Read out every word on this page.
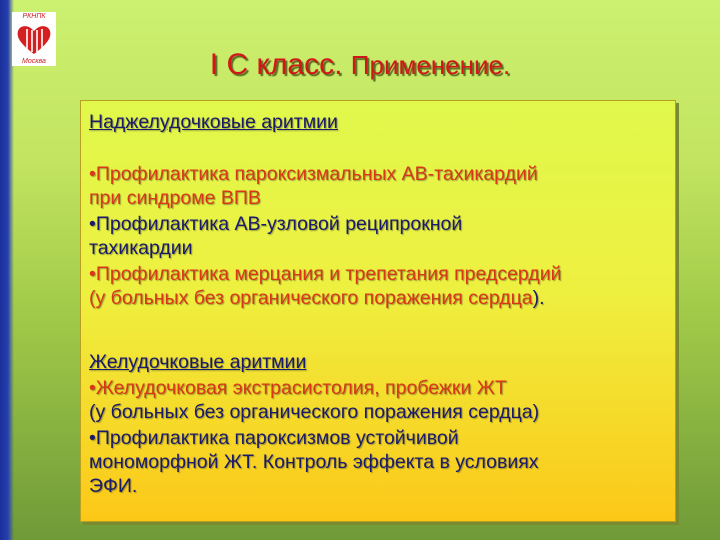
РКНПК
Москва	I С класс. Применение.
Наджелудочковые аритмии
•Профилактика пароксизмальных АВ-тахикардий
при синдроме ВПВ
•Профилактика АВ-узловой реципрокной
тахикардии
•Профилактика мерцания и трепетания предсердий
(у больных без органического поражения сердца).
Желудочковые аритмии
•Желудочковая экстрасистолия, пробежки ЖТ
(у больных без органического поражения сердца)
•Профилактика пароксизмов устойчивой
мономорфной ЖТ. Контроль эффекта в условиях
ЭФИ.
